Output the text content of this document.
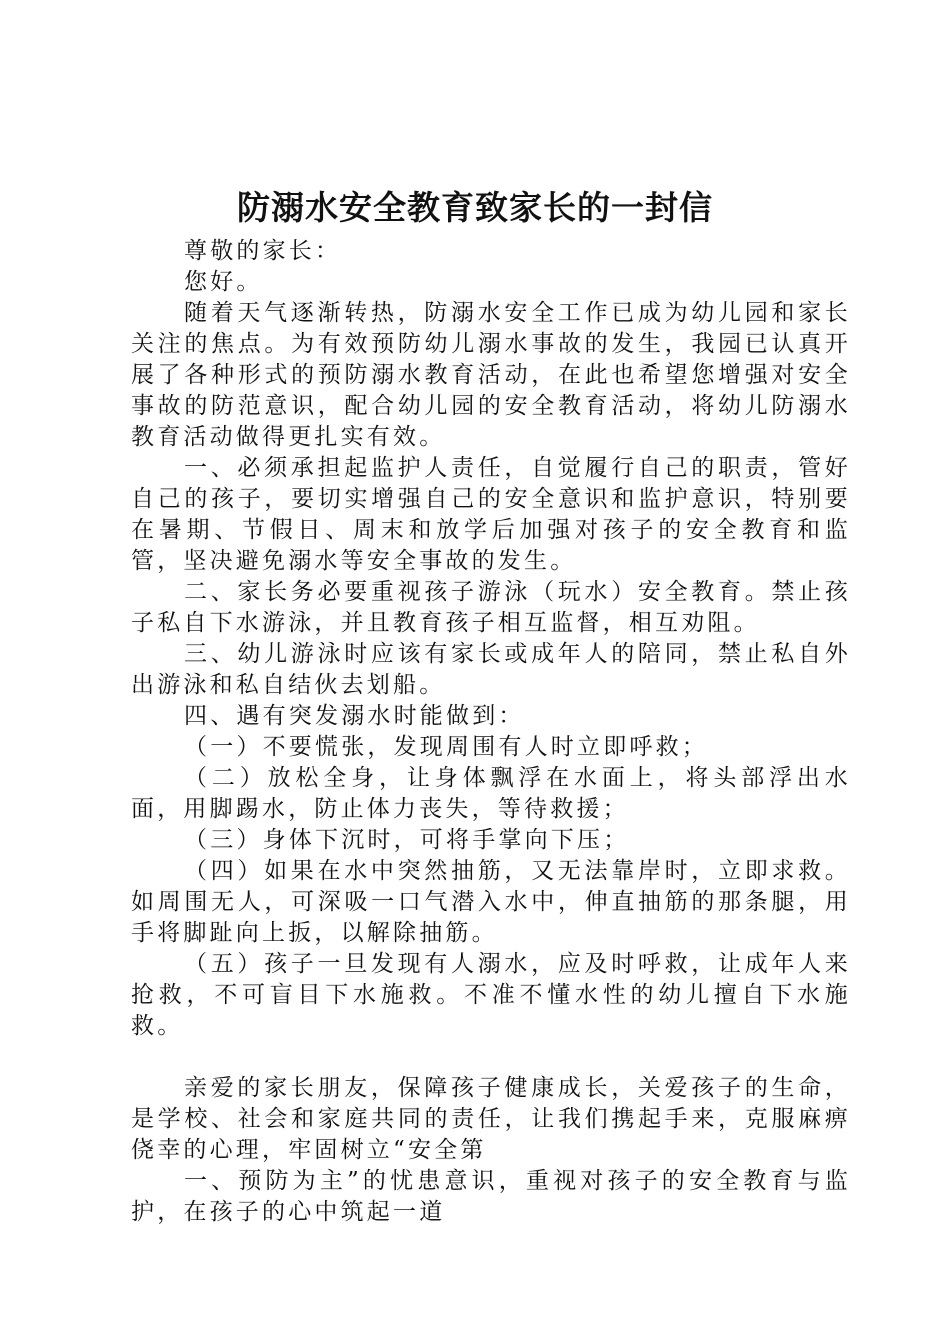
防溺水安全教育致家长的一封信

尊敬的家长：

您好。

随着天气逐渐转热，防溺水安全工作已成为幼儿园和家长关注的焦点。为有效预防幼儿溺水事故的发生，我园已认真开展了各种形式的预防溺水教育活动，在此也希望您增强对安全事故的防范意识，配合幼儿园的安全教育活动，将幼儿防溺水教育活动做得更扎实有效。

一、必须承担起监护人责任，自觉履行自己的职责，管好自己的孩子，要切实增强自己的安全意识和监护意识，特别要在暑期、节假日、周末和放学后加强对孩子的安全教育和监管，坚决避免溺水等安全事故的发生。

二、家长务必要重视孩子游泳（玩水）安全教育。禁止孩子私自下水游泳，并且教育孩子相互监督，相互劝阻。

三、幼儿游泳时应该有家长或成年人的陪同，禁止私自外出游泳和私自结伙去划船。

四、遇有突发溺水时能做到：

（一）不要慌张，发现周围有人时立即呼救；

（二）放松全身，让身体飘浮在水面上，将头部浮出水面，用脚踢水，防止体力丧失，等待救援；

（三）身体下沉时，可将手掌向下压；

（四）如果在水中突然抽筋，又无法靠岸时，立即求救。如周围无人，可深吸一口气潜入水中，伸直抽筋的那条腿，用手将脚趾向上扳，以解除抽筋。

（五）孩子一旦发现有人溺水，应及时呼救，让成年人来抢救，不可盲目下水施救。不准不懂水性的幼儿擅自下水施救。

亲爱的家长朋友，保障孩子健康成长，关爱孩子的生命，是学校、社会和家庭共同的责任，让我们携起手来，克服麻痹侥幸的心理，牢固树立“安全第

一、预防为主”的忧患意识，重视对孩子的安全教育与监护，在孩子的心中筑起一道
